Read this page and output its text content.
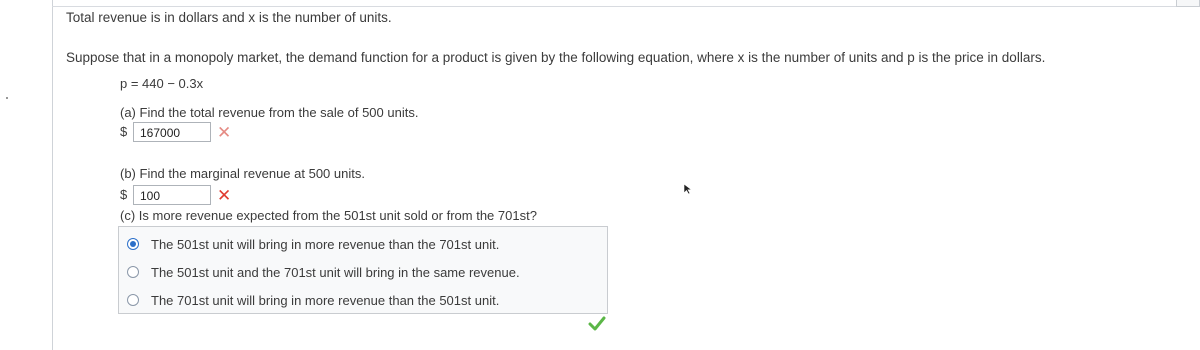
Total revenue is in dollars and x is the number of units.
Suppose that in a monopoly market, the demand function for a product is given by the following equation, where x is the number of units and p is the price in dollars.
p = 440 − 0.3x
(a) Find the total revenue from the sale of 500 units.
$	167000	✕
(b) Find the marginal revenue at 500 units.
$	100	✕
(c) Is more revenue expected from the 501st unit sold or from the 701st?
The 501st unit will bring in more revenue than the 701st unit.
The 501st unit and the 701st unit will bring in the same revenue.
The 701st unit will bring in more revenue than the 501st unit.
